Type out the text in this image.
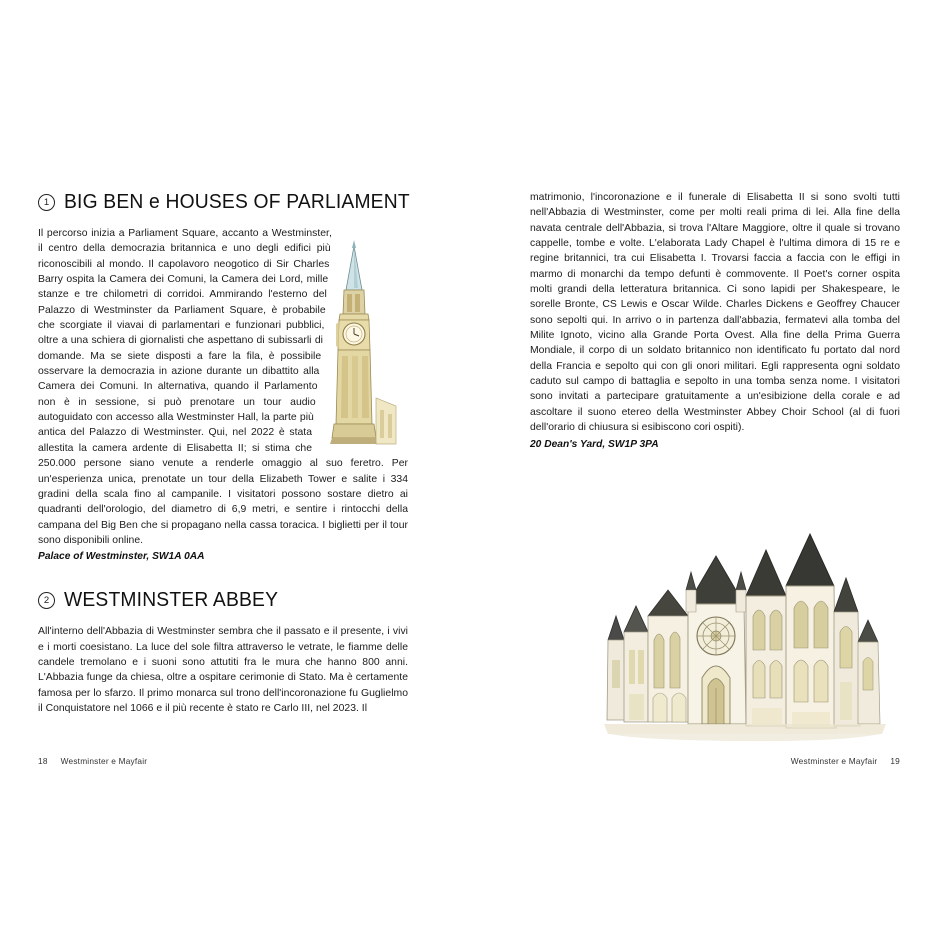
1 BIG BEN e HOUSES OF PARLIAMENT

Il percorso inizia a Parliament Square, accanto a Westminster, il centro della democrazia britannica e uno degli edifici più riconoscibili al mondo. Il capolavoro neogotico di Sir Charles Barry ospita la Camera dei Comuni, la Camera dei Lord, mille stanze e tre chilometri di corridoi. Ammirando l'esterno del Palazzo di Westminster da Parliament Square, è probabile che scorgiate il viavai di parlamentari e funzionari pubblici, oltre a una schiera di giornalisti che aspettano di subissarli di domande. Ma se siete disposti a fare la fila, è possibile osservare la democrazia in azione durante un dibattito alla Camera dei Comuni. In alternativa, quando il Parlamento non è in sessione, si può prenotare un tour audio autoguidato con accesso alla Westminster Hall, la parte più antica del Palazzo di Westminster. Qui, nel 2022 è stata allestita la camera ardente di Elisabetta II; si stima che 250.000 persone siano venute a renderle omaggio al suo feretro. Per un'esperienza unica, prenotate un tour della Elizabeth Tower e salite i 334 gradini della scala fino al campanile. I visitatori possono sostare dietro ai quadranti dell'orologio, del diametro di 6,9 metri, e sentire i rintocchi della campana del Big Ben che si propagano nella cassa toracica. I biglietti per il tour sono disponibili online.

Palace of Westminster, SW1A 0AA

2 WESTMINSTER ABBEY

All'interno dell'Abbazia di Westminster sembra che il passato e il presente, i vivi e i morti coesistano. La luce del sole filtra attraverso le vetrate, le fiamme delle candele tremolano e i suoni sono attutiti fra le mura che hanno 800 anni. L'Abbazia funge da chiesa, oltre a ospitare cerimonie di Stato. Ma è certamente famosa per lo sfarzo. Il primo monarca sul trono dell'incoronazione fu Guglielmo il Conquistatore nel 1066 e il più recente è stato re Carlo III, nel 2023. Il

matrimonio, l'incoronazione e il funerale di Elisabetta II si sono svolti tutti nell'Abbazia di Westminster, come per molti reali prima di lei. Alla fine della navata centrale dell'Abbazia, si trova l'Altare Maggiore, oltre il quale si trovano cappelle, tombe e volte. L'elaborata Lady Chapel è l'ultima dimora di 15 re e regine britannici, tra cui Elisabetta I. Trovarsi faccia a faccia con le effigi in marmo di monarchi da tempo defunti è commovente. Il Poet's corner ospita molti grandi della letteratura britannica. Ci sono lapidi per Shakespeare, le sorelle Bronte, CS Lewis e Oscar Wilde. Charles Dickens e Geoffrey Chaucer sono sepolti qui. In arrivo o in partenza dall'abbazia, fermatevi alla tomba del Milite Ignoto, vicino alla Grande Porta Ovest. Alla fine della Prima Guerra Mondiale, il corpo di un soldato britannico non identificato fu portato dal nord della Francia e sepolto qui con gli onori militari. Egli rappresenta ogni soldato caduto sul campo di battaglia e sepolto in una tomba senza nome. I visitatori sono invitati a partecipare gratuitamente a un'esibizione della corale e ad ascoltare il suono etereo della Westminster Abbey Choir School (al di fuori dell'orario di chiusura si esibiscono cori ospiti).

20 Dean's Yard, SW1P 3PA

18 Westminster e Mayfair	Westminster e Mayfair 19
